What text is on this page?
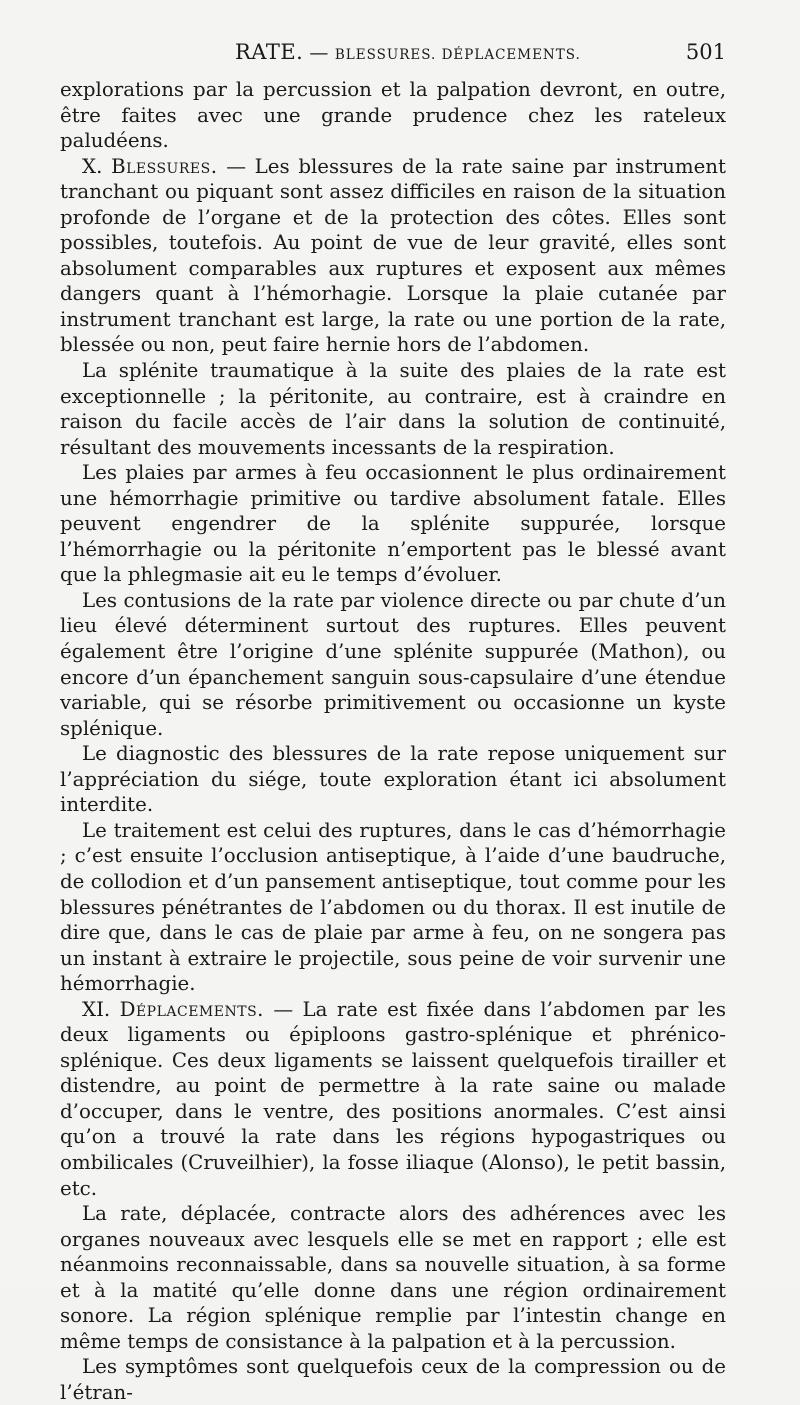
RATE. — BLESSURES. DÉPLACEMENTS.	501

explorations par la percussion et la palpation devront, en outre, être faites avec une grande prudence chez les rateleux paludéens.

X. Blessures. — Les blessures de la rate saine par instrument tranchant ou piquant sont assez difficiles en raison de la situation profonde de l’organe et de la protection des côtes. Elles sont possibles, toutefois. Au point de vue de leur gravité, elles sont absolument comparables aux ruptures et exposent aux mêmes dangers quant à l’hémorhagie. Lorsque la plaie cutanée par instrument tranchant est large, la rate ou une portion de la rate, blessée ou non, peut faire hernie hors de l’abdomen.

La splénite traumatique à la suite des plaies de la rate est exceptionnelle ; la péritonite, au contraire, est à craindre en raison du facile accès de l’air dans la solution de continuité, résultant des mouvements incessants de la respiration.

Les plaies par armes à feu occasionnent le plus ordinairement une hémorrhagie primitive ou tardive absolument fatale. Elles peuvent engendrer de la splénite suppurée, lorsque l’hémorrhagie ou la péritonite n’emportent pas le blessé avant que la phlegmasie ait eu le temps d’évoluer.

Les contusions de la rate par violence directe ou par chute d’un lieu élevé déterminent surtout des ruptures. Elles peuvent également être l’origine d’une splénite suppurée (Mathon), ou encore d’un épanchement sanguin sous-capsulaire d’une étendue variable, qui se résorbe primitivement ou occasionne un kyste splénique.

Le diagnostic des blessures de la rate repose uniquement sur l’appréciation du siége, toute exploration étant ici absolument interdite.

Le traitement est celui des ruptures, dans le cas d’hémorrhagie ; c’est ensuite l’occlusion antiseptique, à l’aide d’une baudruche, de collodion et d’un pansement antiseptique, tout comme pour les blessures pénétrantes de l’abdomen ou du thorax. Il est inutile de dire que, dans le cas de plaie par arme à feu, on ne songera pas un instant à extraire le projectile, sous peine de voir survenir une hémorrhagie.

XI. Déplacements. — La rate est fixée dans l’abdomen par les deux ligaments ou épiploons gastro-splénique et phrénico-splénique. Ces deux ligaments se laissent quelquefois tirailler et distendre, au point de permettre à la rate saine ou malade d’occuper, dans le ventre, des positions anormales. C’est ainsi qu’on a trouvé la rate dans les régions hypogastriques ou ombilicales (Cruveilhier), la fosse iliaque (Alonso), le petit bassin, etc.

La rate, déplacée, contracte alors des adhérences avec les organes nouveaux avec lesquels elle se met en rapport ; elle est néanmoins reconnaissable, dans sa nouvelle situation, à sa forme et à la matité qu’elle donne dans une région ordinairement sonore. La région splénique remplie par l’intestin change en même temps de consistance à la palpation et à la percussion.

Les symptômes sont quelquefois ceux de la compression ou de l’étran-
